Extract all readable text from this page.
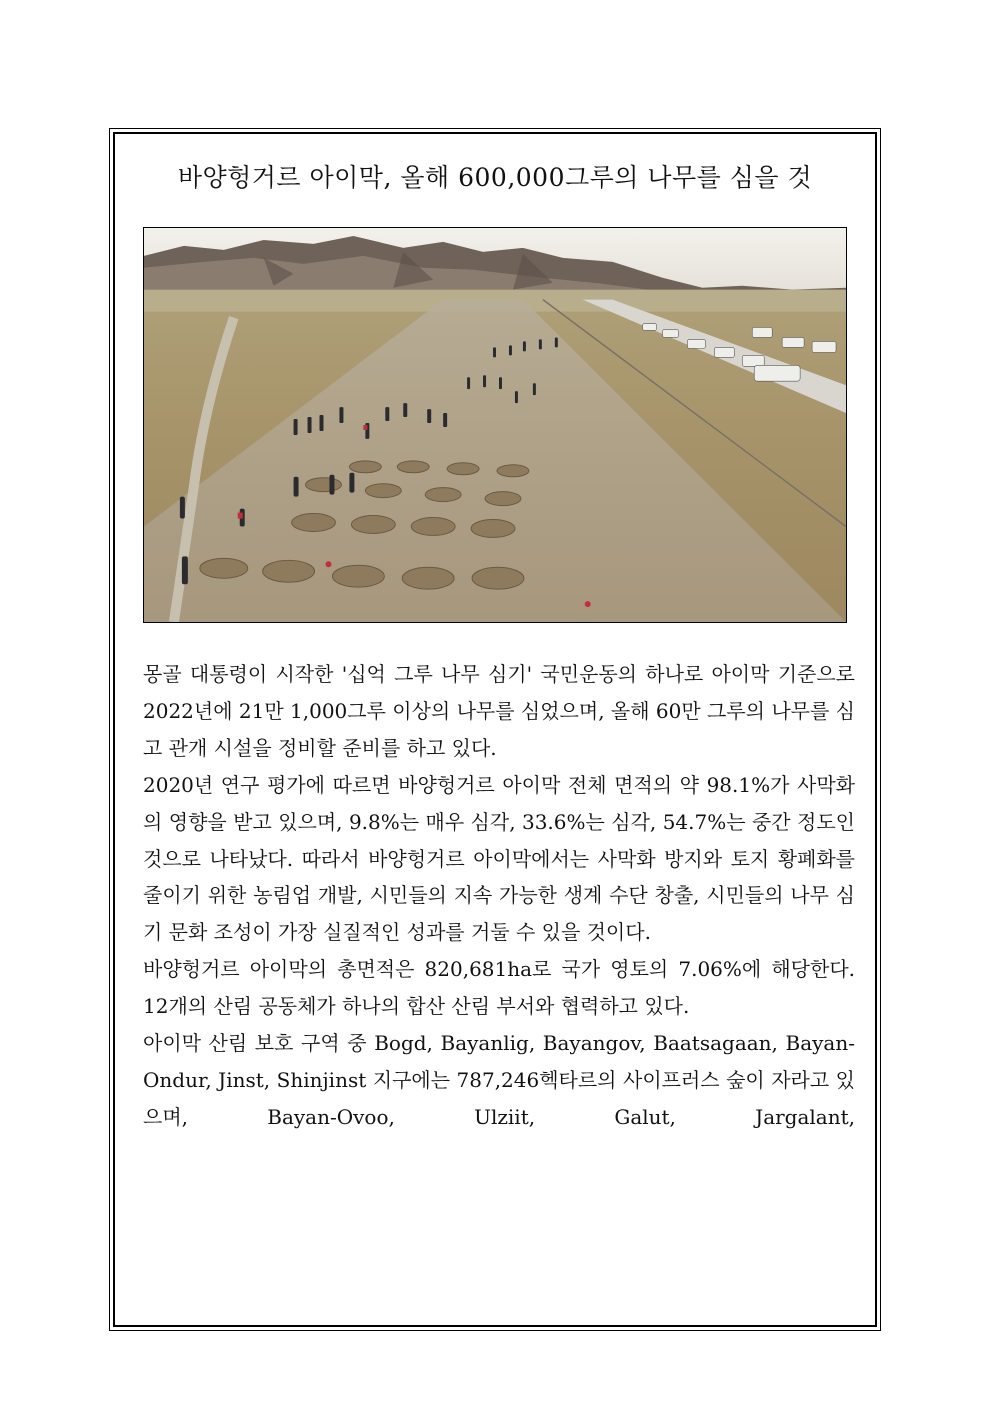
바양헝거르 아이막, 올해 600,000그루의 나무를 심을 것

몽골 대통령이 시작한 '십억 그루 나무 심기' 국민운동의 하나로 아이막 기준으로 2022년에 21만 1,000그루 이상의 나무를 심었으며, 올해 60만 그루의 나무를 심고 관개 시설을 정비할 준비를 하고 있다.

2020년 연구 평가에 따르면 바양헝거르 아이막 전체 면적의 약 98.1%가 사막화의 영향을 받고 있으며, 9.8%는 매우 심각, 33.6%는 심각, 54.7%는 중간 정도인 것으로 나타났다. 따라서 바양헝거르 아이막에서는 사막화 방지와 토지 황폐화를 줄이기 위한 농림업 개발, 시민들의 지속 가능한 생계 수단 창출, 시민들의 나무 심기 문화 조성이 가장 실질적인 성과를 거둘 수 있을 것이다.

바양헝거르 아이막의 총면적은 820,681ha로 국가 영토의 7.06%에 해당한다. 12개의 산림 공동체가 하나의 합산 산림 부서와 협력하고 있다.

아이막 산림 보호 구역 중 Bogd, Bayanlig, Bayangov, Baatsagaan, Bayan-Ondur, Jinst, Shinjinst 지구에는 787,246헥타르의 사이프러스 숲이 자라고 있으며, Bayan-Ovoo, Ulziit, Galut, Jargalant,
